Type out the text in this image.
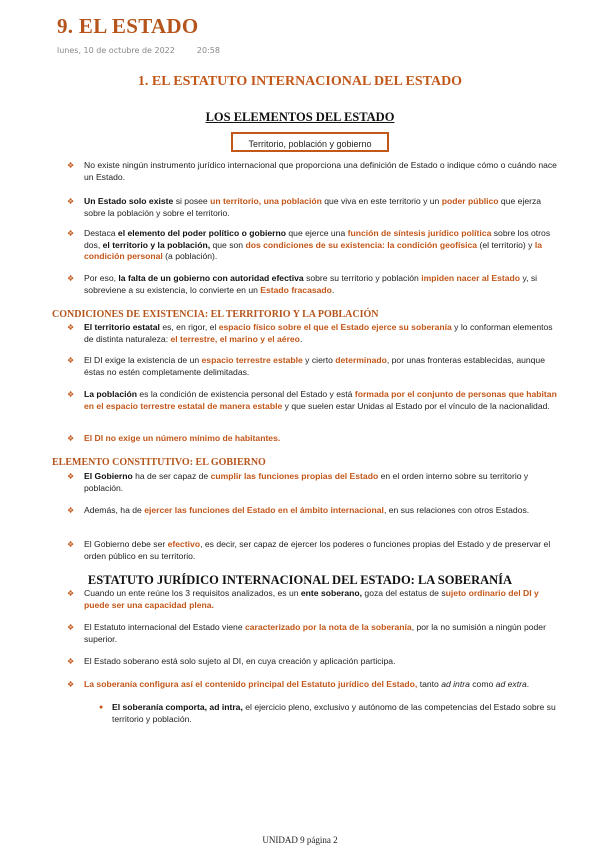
9. EL ESTADO
lunes, 10 de octubre de 2022	20:58
1. EL ESTATUTO INTERNACIONAL DEL ESTADO
LOS ELEMENTOS DEL ESTADO
Territorio, población y gobierno
❖ No existe ningún instrumento jurídico internacional que proporciona una definición de Estado o indique cómo o cuándo nace un Estado.
❖ Un Estado solo existe si posee un territorio, una población que viva en este territorio y un poder público que ejerza sobre la población y sobre el territorio.
❖ Destaca el elemento del poder político o gobierno que ejerce una función de síntesis jurídico política sobre los otros dos, el territorio y la población, que son dos condiciones de su existencia: la condición geofísica (el territorio) y la condición personal (a población).
❖ Por eso, la falta de un gobierno con autoridad efectiva sobre su territorio y población impiden nacer al Estado y, si sobreviene a su existencia, lo convierte en un Estado fracasado.
CONDICIONES DE EXISTENCIA: EL TERRITORIO Y LA POBLACIÓN
❖ El territorio estatal es, en rigor, el espacio físico sobre el que el Estado ejerce su soberanía y lo conforman elementos de distinta naturaleza: el terrestre, el marino y el aéreo.
❖ El DI exige la existencia de un espacio terrestre estable y cierto determinado, por unas fronteras establecidas, aunque éstas no estén completamente delimitadas.
❖ La población es la condición de existencia personal del Estado y está formada por el conjunto de personas que habitan en el espacio terrestre estatal de manera estable y que suelen estar Unidas al Estado por el vínculo de la nacionalidad.
❖ El DI no exige un número mínimo de habitantes.
ELEMENTO CONSTITUTIVO: EL GOBIERNO
❖ El Gobierno ha de ser capaz de cumplir las funciones propias del Estado en el orden interno sobre su territorio y población.
❖ Además, ha de ejercer las funciones del Estado en el ámbito internacional, en sus relaciones con otros Estados.
❖ El Gobierno debe ser efectivo, es decir, ser capaz de ejercer los poderes o funciones propias del Estado y de preservar el orden público en su territorio.
ESTATUTO JURÍDICO INTERNACIONAL DEL ESTADO: LA SOBERANÍA
❖ Cuando un ente reúne los 3 requisitos analizados, es un ente soberano, goza del estatus de sujeto ordinario del DI y puede ser una capacidad plena.
❖ El Estatuto internacional del Estado viene caracterizado por la nota de la soberanía, por la no sumisión a ningún poder superior.
❖ El Estado soberano está solo sujeto al DI, en cuya creación y aplicación participa.
❖ La soberanía configura así el contenido principal del Estatuto jurídico del Estado, tanto ad intra como ad extra.
● El soberanía comporta, ad intra, el ejercicio pleno, exclusivo y autónomo de las competencias del Estado sobre su territorio y población.
UNIDAD 9 página 2
